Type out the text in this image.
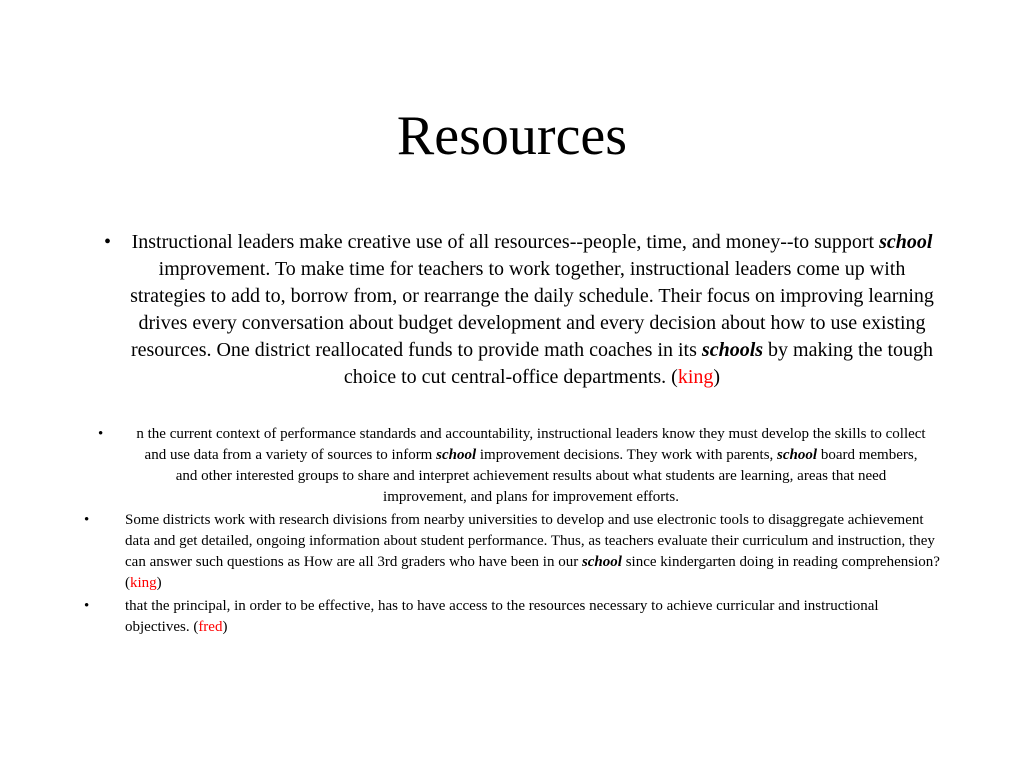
Resources
•	Instructional leaders make creative use of all resources--people, time, and money--to support school improvement. To make time for teachers to work together, instructional leaders come up with strategies to add to, borrow from, or rearrange the daily schedule. Their focus on improving learning drives every conversation about budget development and every decision about how to use existing resources. One district reallocated funds to provide math coaches in its schools by making the tough choice to cut central-office departments. (king)
• n the current context of performance standards and accountability, instructional leaders know they must develop the skills to collect and use data from a variety of sources to inform school improvement decisions. They work with parents, school board members, and other interested groups to share and interpret achievement results about what students are learning, areas that need improvement, and plans for improvement efforts.
• Some districts work with research divisions from nearby universities to develop and use electronic tools to disaggregate achievement data and get detailed, ongoing information about student performance. Thus, as teachers evaluate their curriculum and instruction, they can answer such questions as How are all 3rd graders who have been in our school since kindergarten doing in reading comprehension? (king)
• that the principal, in order to be effective, has to have access to the resources necessary to achieve curricular and instructional objectives. (fred)
